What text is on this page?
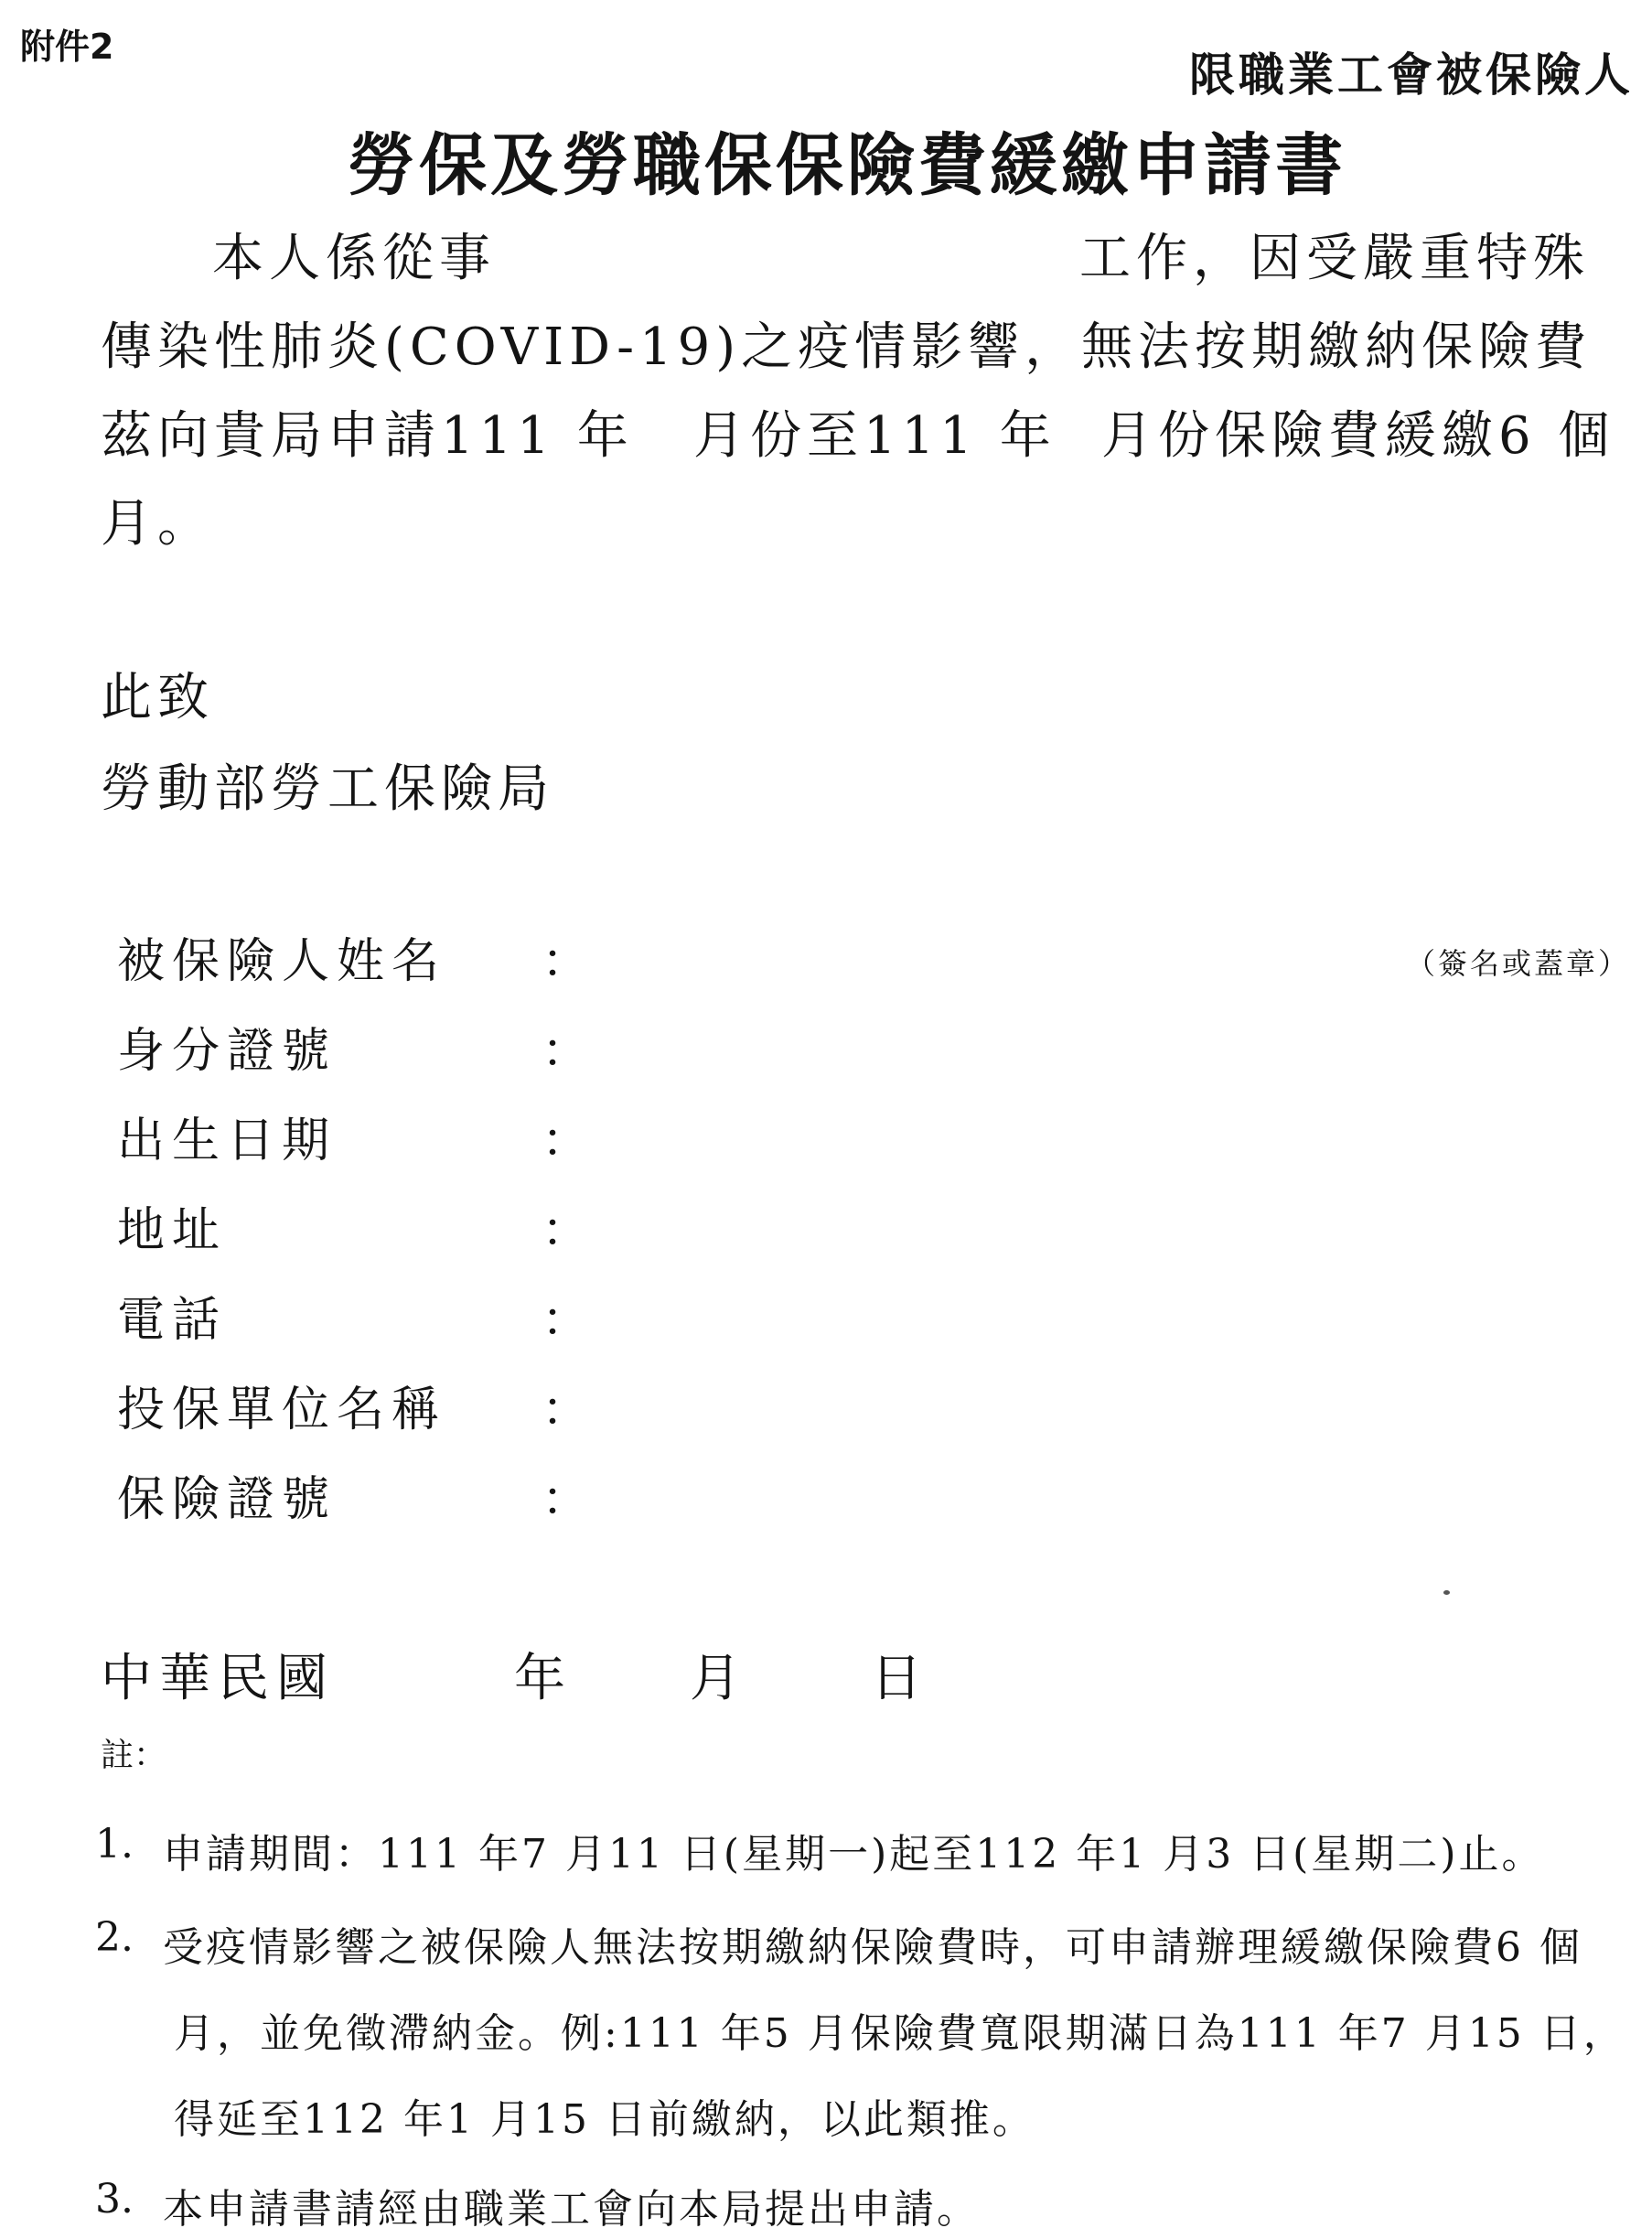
附件2
限職業工會被保險人
勞保及勞職保保險費緩繳申請書
本人係從事	工作，因受嚴重特殊
傳染性肺炎(COVID-19)之疫情影響，無法按期繳納保險費
茲向貴局申請111 年 月份至111 年 月份保險費緩繳6 個
月。
此致
勞動部勞工保險局
被保險人姓名 ：	（簽名或蓋章）
身分證號	：
出生日期	：
地址	：
電話	：
投保單位名稱 ：
保險證號	：
中華民國	年 月	日
註：
1. 申請期間：111 年7 月11 日(星期一)起至112 年1 月3 日(星期二)止。
2. 受疫情影響之被保險人無法按期繳納保險費時，可申請辦理緩繳保險費6 個
月，並免徵滯納金。例:111 年5 月保險費寬限期滿日為111 年7 月15 日，
得延至112 年1 月15 日前繳納，以此類推。
3. 本申請書請經由職業工會向本局提出申請。
